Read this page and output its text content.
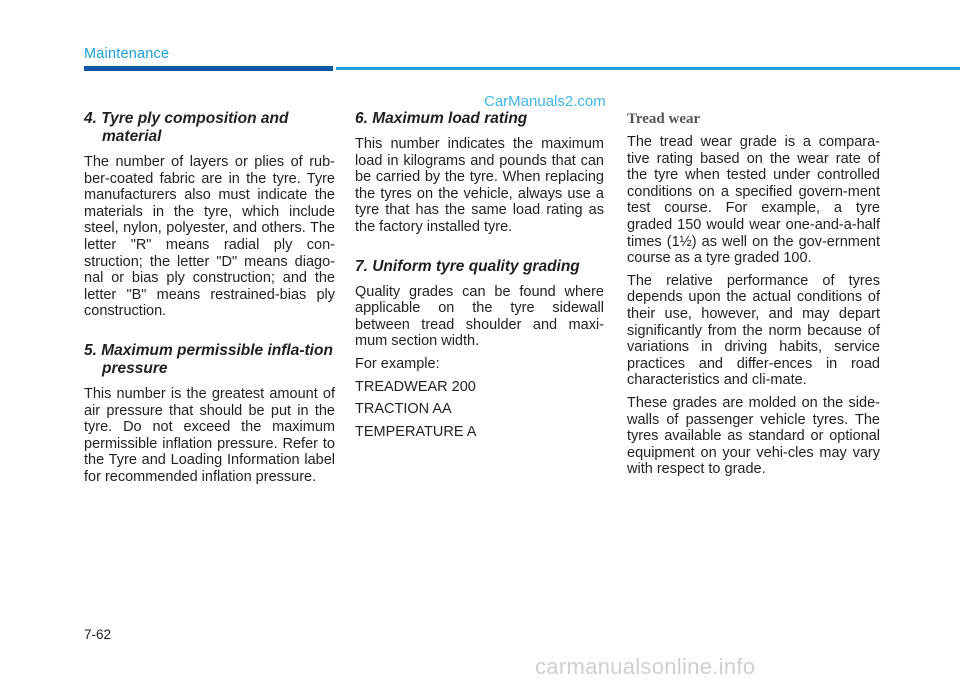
Maintenance
CarManuals2.com
4. Tyre ply composition and material

The number of layers or plies of rub-ber-coated fabric are in the tyre. Tyre manufacturers also must indicate the materials in the tyre, which include steel, nylon, polyester, and others. The letter "R" means radial ply con-struction; the letter "D" means diago-nal or bias ply construction; and the letter "B" means restrained-bias ply construction.

5. Maximum permissible infla-tion pressure

This number is the greatest amount of air pressure that should be put in the tyre. Do not exceed the maximum permissible inflation pressure. Refer to the Tyre and Loading Information label for recommended inflation pressure.

6. Maximum load rating

This number indicates the maximum load in kilograms and pounds that can be carried by the tyre. When replacing the tyres on the vehicle, always use a tyre that has the same load rating as the factory installed tyre.

7. Uniform tyre quality grading

Quality grades can be found where applicable on the tyre sidewall between tread shoulder and maxi-mum section width.

For example:

TREADWEAR 200

TRACTION AA

TEMPERATURE A

Tread wear

The tread wear grade is a compara-tive rating based on the wear rate of the tyre when tested under controlled conditions on a specified govern-ment test course. For example, a tyre graded 150 would wear one-and-a-half times (1½) as well on the gov-ernment course as a tyre graded 100.

The relative performance of tyres depends upon the actual conditions of their use, however, and may depart significantly from the norm because of variations in driving habits, service practices and differ-ences in road characteristics and cli-mate.

These grades are molded on the side-walls of passenger vehicle tyres. The tyres available as standard or optional equipment on your vehi-cles may vary with respect to grade.

7-62
carmanualsonline.info
